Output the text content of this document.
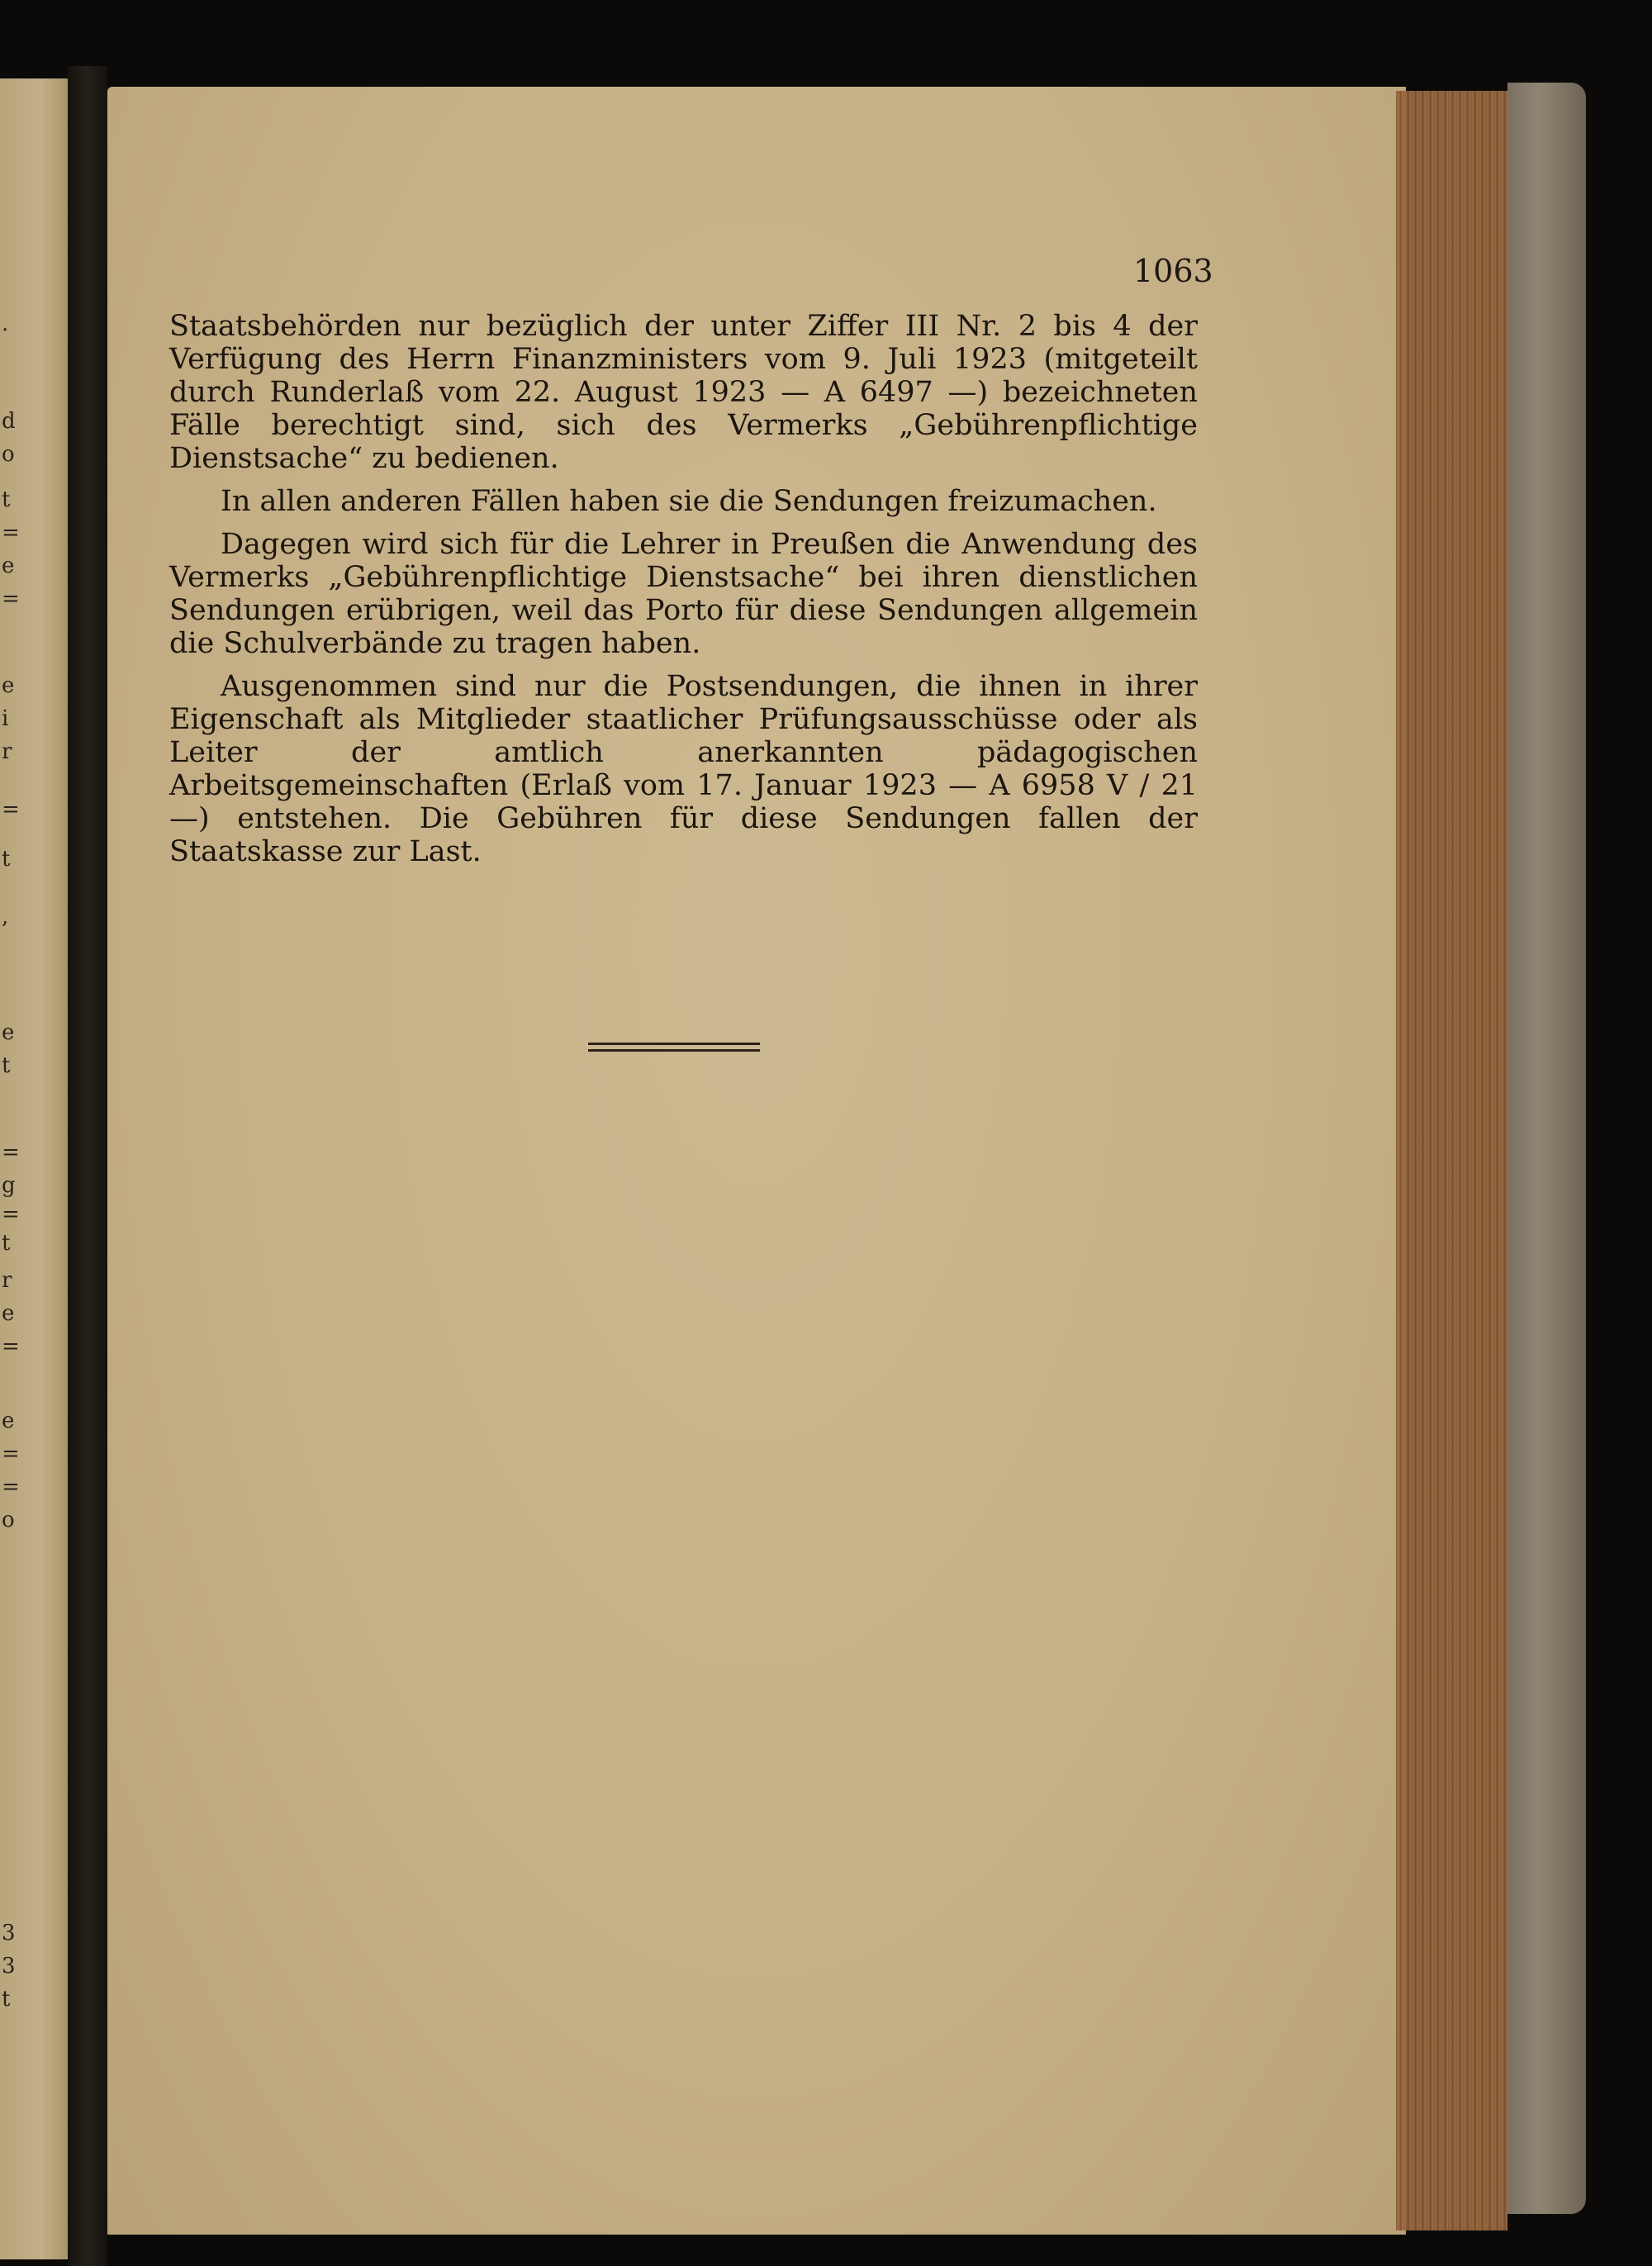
·
d
o
t
=
e
=
e
i
r
=
t
,
e
t
=
g
=
t
r
e
=
e
=
=
o
3
3
t
1063

Staatsbehörden nur bezüglich der unter Ziffer III Nr. 2 bis 4 der Verfügung des Herrn Finanzministers vom 9. Juli 1923 (mitgeteilt durch Runderlaß vom 22. August 1923 — A 6497 —) bezeichneten Fälle berechtigt sind, sich des Vermerks „Gebührenpflichtige Dienstsache“ zu bedienen.

In allen anderen Fällen haben sie die Sendungen freizumachen.

Dagegen wird sich für die Lehrer in Preußen die Anwendung des Vermerks „Gebührenpflichtige Dienstsache“ bei ihren dienstlichen Sendungen erübrigen, weil das Porto für diese Sendungen allgemein die Schulverbände zu tragen haben.

Ausgenommen sind nur die Postsendungen, die ihnen in ihrer Eigenschaft als Mitglieder staatlicher Prüfungsausschüsse oder als Leiter der amtlich anerkannten pädagogischen Arbeitsgemeinschaften (Erlaß vom 17. Januar 1923 — A 6958 V / 21 —) entstehen. Die Gebühren für diese Sendungen fallen der Staatskasse zur Last.
